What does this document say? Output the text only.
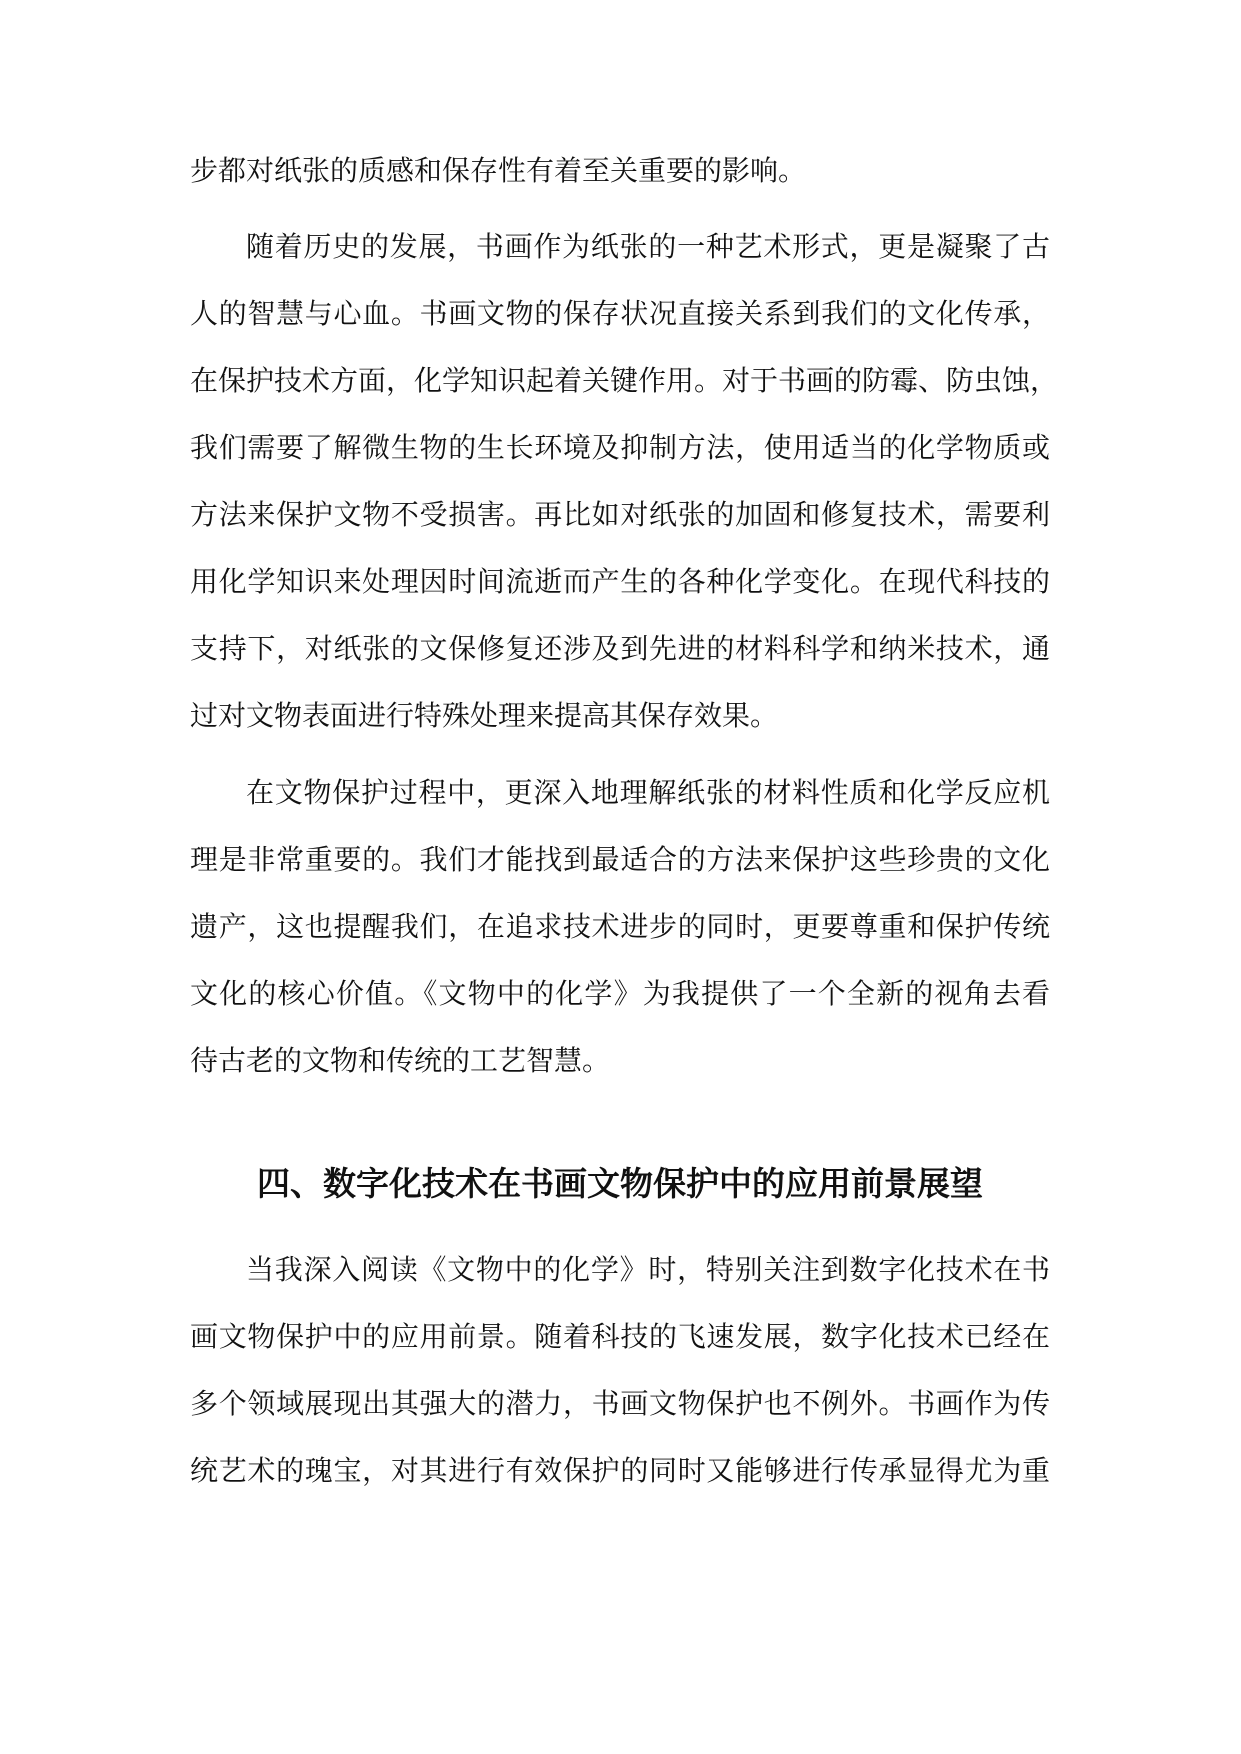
步都对纸张的质感和保存性有着至关重要的影响。
随着历史的发展，书画作为纸张的一种艺术形式，更是凝聚了古
人的智慧与心血。书画文物的保存状况直接关系到我们的文化传承，
在保护技术方面，化学知识起着关键作用。对于书画的防霉、防虫蚀，
我们需要了解微生物的生长环境及抑制方法，使用适当的化学物质或
方法来保护文物不受损害。再比如对纸张的加固和修复技术，需要利
用化学知识来处理因时间流逝而产生的各种化学变化。在现代科技的
支持下，对纸张的文保修复还涉及到先进的材料科学和纳米技术，通
过对文物表面进行特殊处理来提高其保存效果。
在文物保护过程中，更深入地理解纸张的材料性质和化学反应机
理是非常重要的。我们才能找到最适合的方法来保护这些珍贵的文化
遗产，这也提醒我们，在追求技术进步的同时，更要尊重和保护传统
文化的核心价值。《文物中的化学》为我提供了一个全新的视角去看
待古老的文物和传统的工艺智慧。
四、数字化技术在书画文物保护中的应用前景展望
当我深入阅读《文物中的化学》时，特别关注到数字化技术在书
画文物保护中的应用前景。随着科技的飞速发展，数字化技术已经在
多个领域展现出其强大的潜力，书画文物保护也不例外。书画作为传
统艺术的瑰宝，对其进行有效保护的同时又能够进行传承显得尤为重
